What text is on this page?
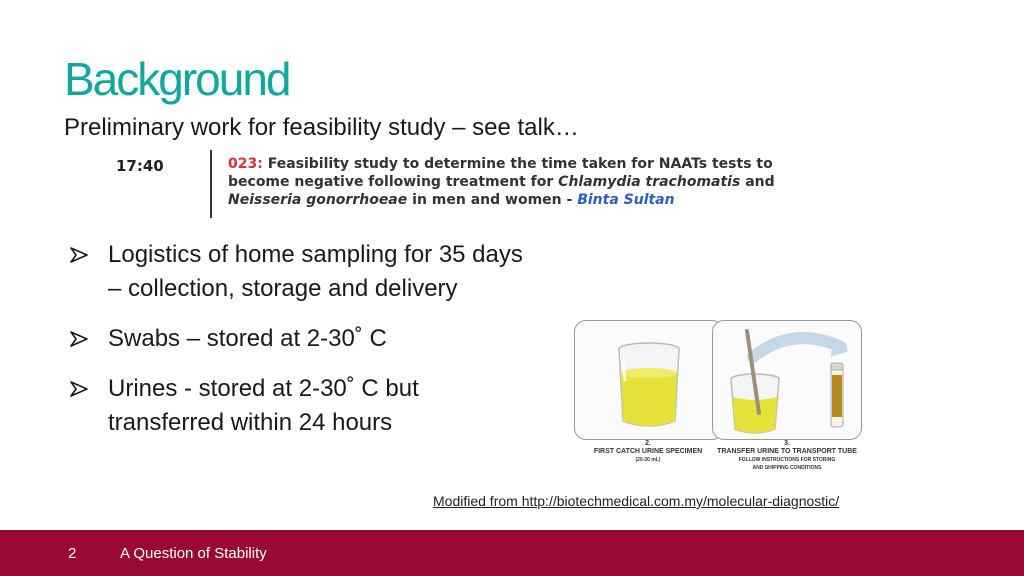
Background
Preliminary work for feasibility study – see talk…
17:40	023: Feasibility study to determine the time taken for NAATs tests to
become negative following treatment for Chlamydia trachomatis and
Neisseria gonorrhoeae in men and women - Binta Sultan
Logistics of home sampling for 35 days – collection, storage and delivery
Swabs – stored at 2-30˚ C
Urines - stored at 2-30˚ C but transferred within 24 hours
2.
FIRST CATCH URINE SPECIMEN
(20-30 mL)
3.
TRANSFER URINE TO TRANSPORT TUBE
FOLLOW INSTRUCTIONS FOR STORING
AND SHIPPING CONDITIONS
Modified from http://biotechmedical.com.my/molecular-diagnostic/
2	A Question of Stability
